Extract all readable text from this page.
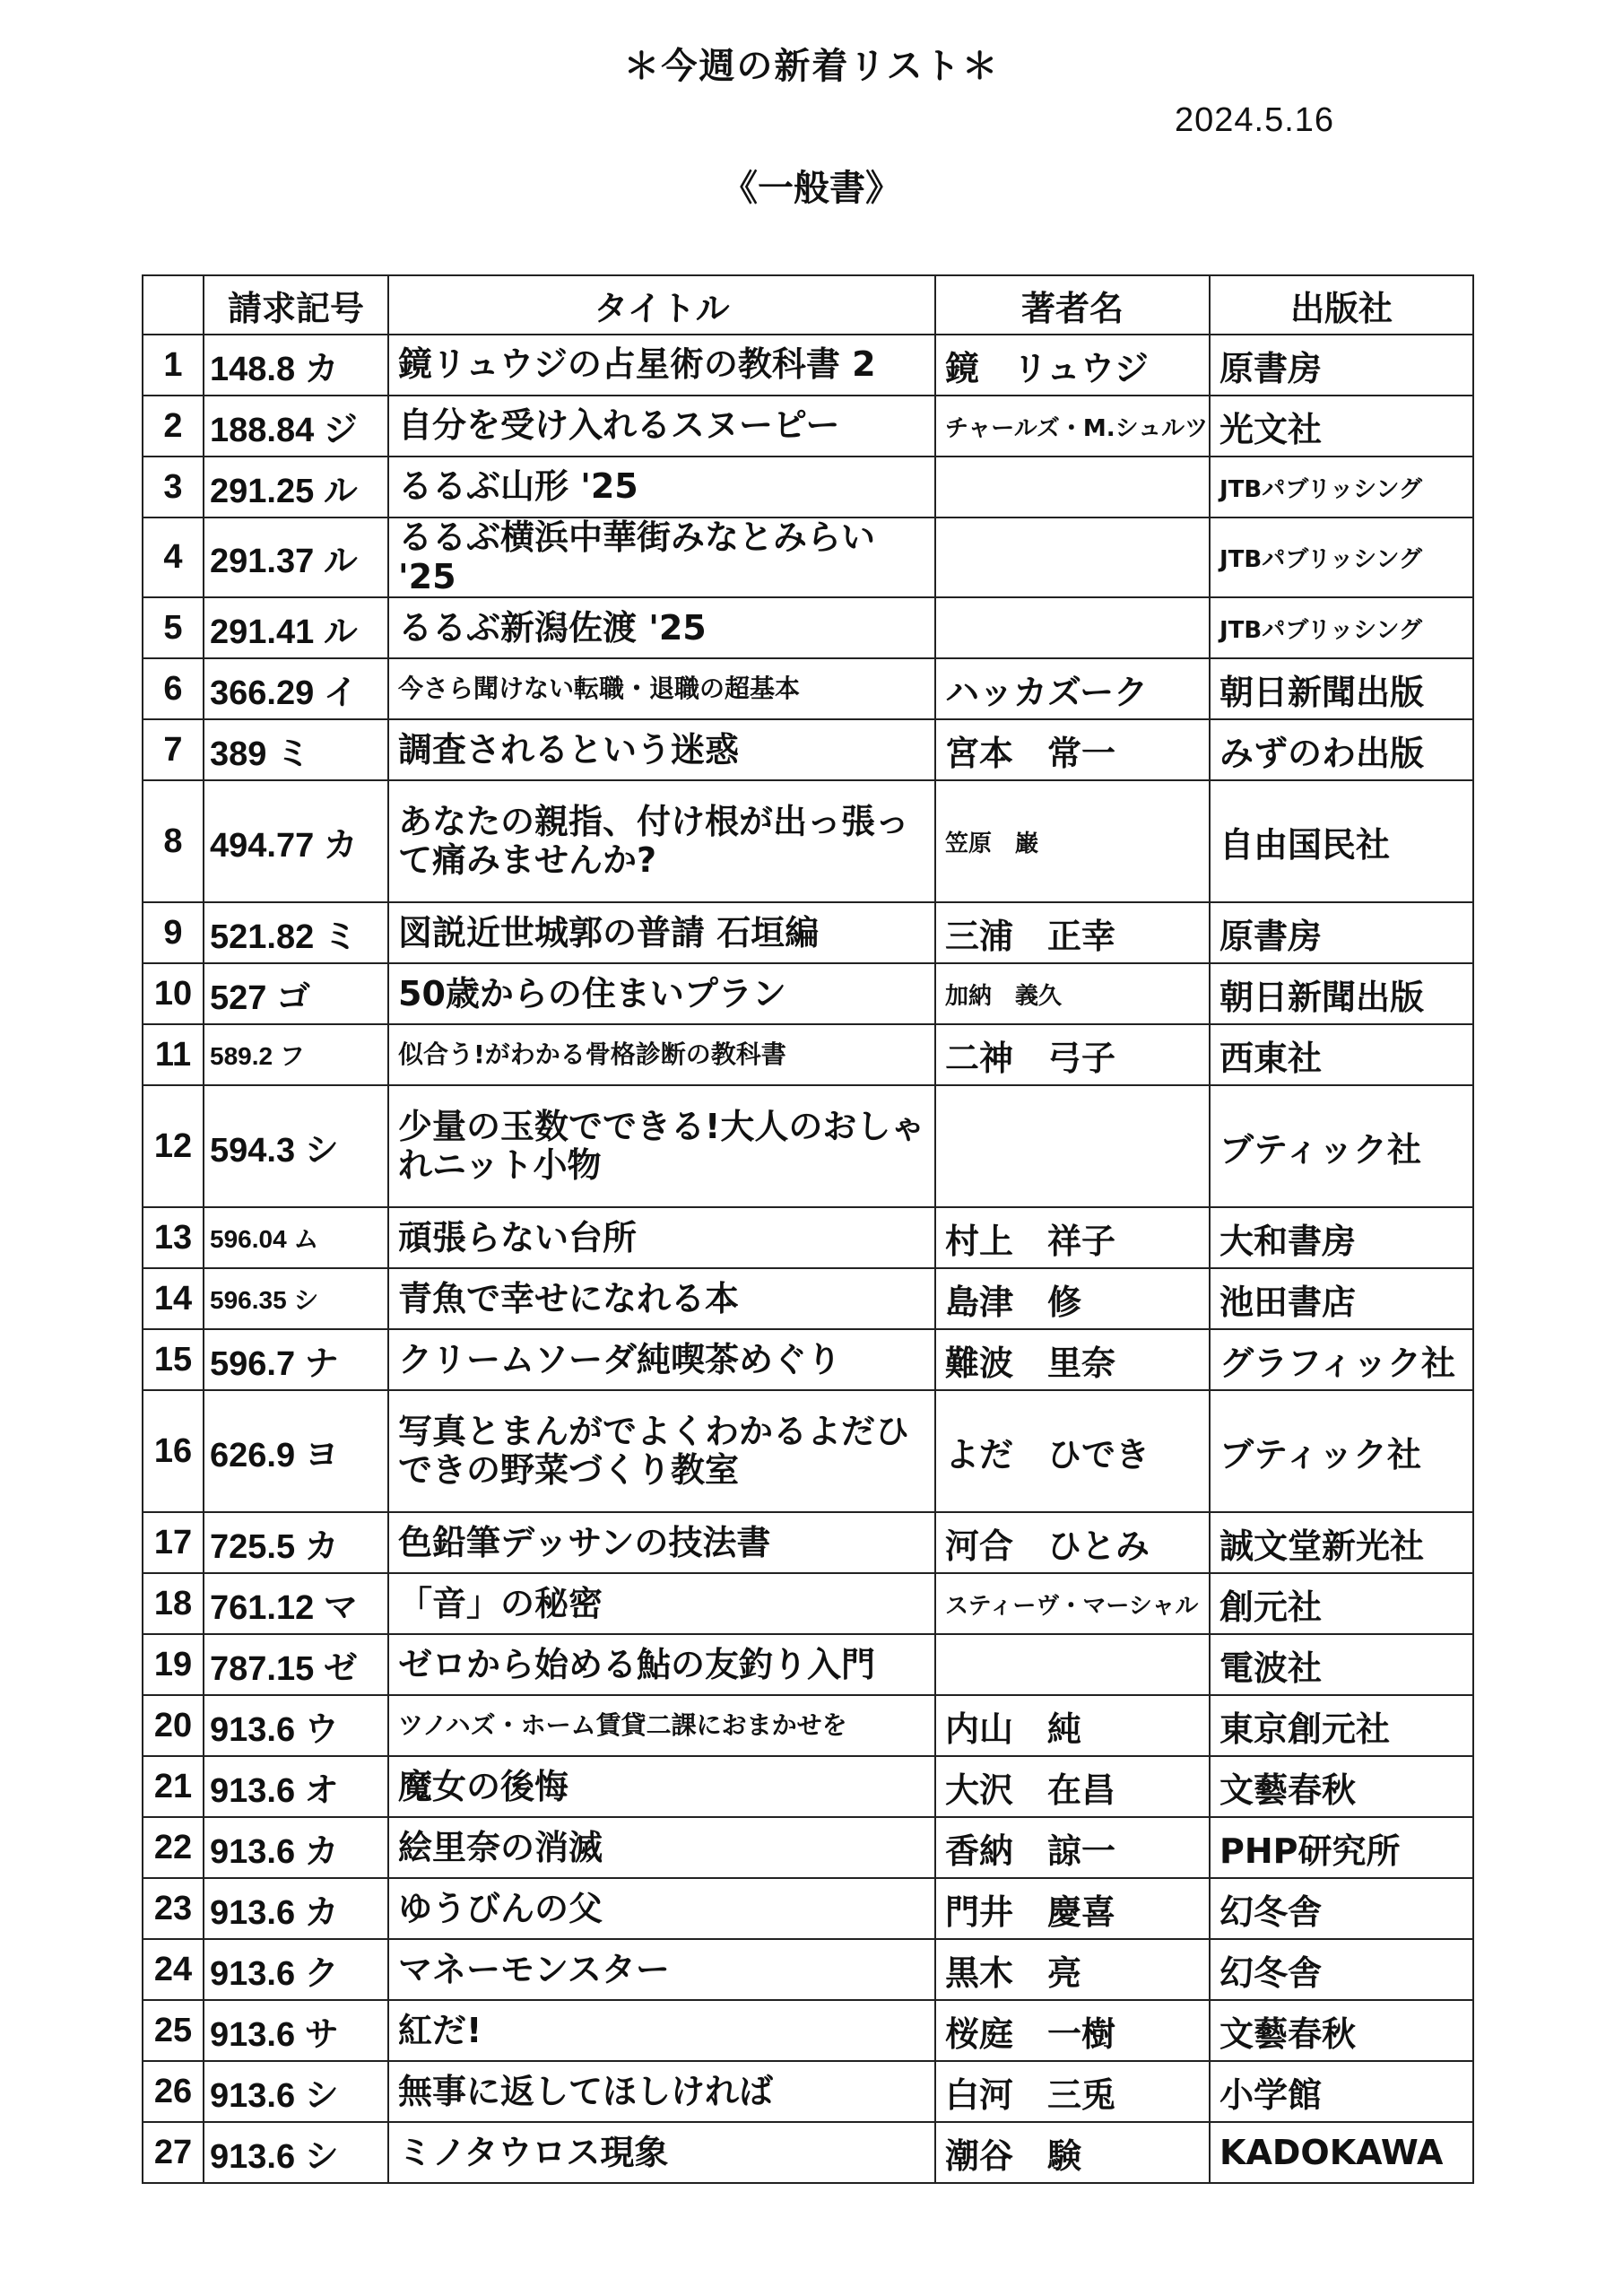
＊今週の新着リスト＊
2024.5.16
《一般書》
	請求記号	タイトル	著者名	出版社
1	148.8 カ	鏡リュウジの占星術の教科書 2	鏡　リュウジ	原書房
2	188.84 ジ	自分を受け入れるスヌーピー	チャールズ・M.シュルツ	光文社
3	291.25 ル	るるぶ山形 '25		JTBパブリッシング
4	291.37 ル	るるぶ横浜中華街みなとみらい '25		JTBパブリッシング
5	291.41 ル	るるぶ新潟佐渡 '25		JTBパブリッシング
6	366.29 イ	今さら聞けない転職・退職の超基本	ハッカズーク	朝日新聞出版
7	389 ミ	調査されるという迷惑	宮本　常一	みずのわ出版
8	494.77 カ	あなたの親指、付け根が出っ張って痛みませんか?	笠原　巌	自由国民社
9	521.82 ミ	図説近世城郭の普請 石垣編	三浦　正幸	原書房
10	527 ゴ	50歳からの住まいプラン	加納　義久	朝日新聞出版
11	589.2 フ	似合う!がわかる骨格診断の教科書	二神　弓子	西東社
12	594.3 シ	少量の玉数でできる!大人のおしゃれニット小物		ブティック社
13	596.04 ム	頑張らない台所	村上　祥子	大和書房
14	596.35 シ	青魚で幸せになれる本	島津　修	池田書店
15	596.7 ナ	クリームソーダ純喫茶めぐり	難波　里奈	グラフィック社
16	626.9 ヨ	写真とまんがでよくわかるよだひできの野菜づくり教室	よだ　ひでき	ブティック社
17	725.5 カ	色鉛筆デッサンの技法書	河合　ひとみ	誠文堂新光社
18	761.12 マ	「音」の秘密	スティーヴ・マーシャル	創元社
19	787.15 ゼ	ゼロから始める鮎の友釣り入門		電波社
20	913.6 ウ	ツノハズ・ホーム賃貸二課におまかせを	内山　純	東京創元社
21	913.6 オ	魔女の後悔	大沢　在昌	文藝春秋
22	913.6 カ	絵里奈の消滅	香納　諒一	PHP研究所
23	913.6 カ	ゆうびんの父	門井　慶喜	幻冬舎
24	913.6 ク	マネーモンスター	黒木　亮	幻冬舎
25	913.6 サ	紅だ!	桜庭　一樹	文藝春秋
26	913.6 シ	無事に返してほしければ	白河　三兎	小学館
27	913.6 シ	ミノタウロス現象	潮谷　験	KADOKAWA
